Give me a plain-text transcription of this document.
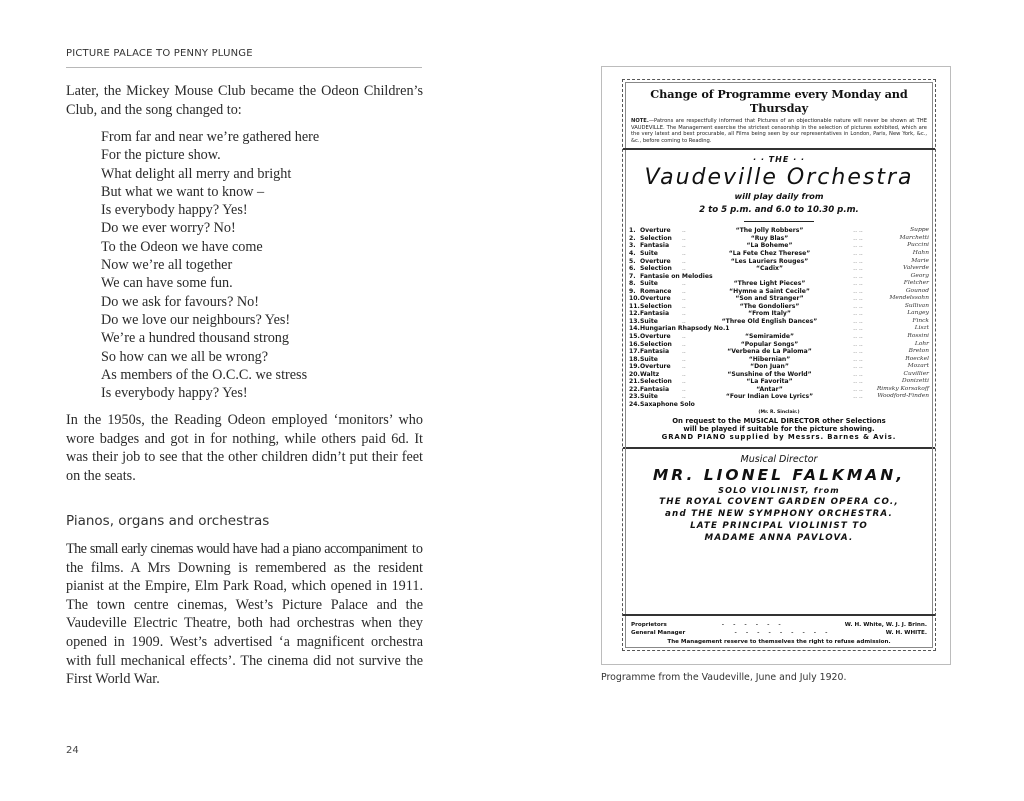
PICTURE PALACE TO PENNY PLUNGE

Later, the Mickey Mouse Club became the Odeon Children’s Club, and the song changed to:

From far and near we’re gathered here
For the picture show.
What delight all merry and bright
But what we want to know –
Is everybody happy? Yes!
Do we ever worry? No!
To the Odeon we have come
Now we’re all together
We can have some fun.
Do we ask for favours? No!
Do we love our neighbours? Yes!
We’re a hundred thousand strong
So how can we all be wrong?
As members of the O.C.C. we stress
Is everybody happy? Yes!

In the 1950s, the Reading Odeon employed ‘monitors’ who wore badges and got in for nothing, while others paid 6d. It was their job to see that the other children didn’t put their feet on the seats.

Pianos, organs and orchestras

The small early cinemas would have had a piano accompaniment to the films. A Mrs Downing is remembered as the resident pianist at the Empire, Elm Park Road, which opened in 1911. The town centre cinemas, West’s Picture Palace and the Vaudeville Electric Theatre, both had orchestras when they opened in 1909. West’s advertised ‘a magnificent orchestra with full mechanical effects’. The cinema did not survive the First World War.

24
Change of Programme every Monday and Thursday
NOTE.—Patrons are respectfully informed that Pictures of an objectionable nature will never be shown at THE VAUDEVILLE. The Management exercise the strictest censorship in the selection of pictures exhibited, which are the very latest and best procurable, all Films being seen by our representatives in London, Paris, New York, &c., &c., before coming to Reading.
· · THE · ·
Vaudeville Orchestra
will play daily from
2 to 5 p.m. and 6.0 to 10.30 p.m.
1. Overture	..	“The Jolly Robbers”	.. ..	Suppe
2. Selection	..	“Ruy Blas”	.. ..	Marchetti
3. Fantasia	..	“La Boheme”	.. ..	Puccini
4. Suite	..	“La Fete Chez Therese”	.. ..	Hahn
5. Overture	..	“Les Lauriers Rouges”	.. ..	Marie
6. Selection	..	“Cadix”	.. ..	Valverde
7. Fantasie on Melodies	.. ..	Georg
8. Suite	..	“Three Light Pieces”	.. ..	Fletcher
9. Romance	..	“Hymne a Saint Cecile”	.. ..	Gounod
10. Overture	..	“Son and Stranger”	.. ..	Mendelssohn
11. Selection	..	“The Gondoliers”	.. ..	Sullivan
12. Fantasia	..	“From Italy”	.. ..	Langey
13. Suite	..	“Three Old English Dances”	.. ..	Finck
14. Hungarian Rhapsody No.1	.. ..	Liszt
15. Overture	..	“Semiramide”	.. ..	Rossini
16. Selection	..	“Popular Songs”	.. ..	Lohr
17. Fantasia	..	“Verbena de La Paloma”	.. ..	Breton
18. Suite	..	“Hibernian”	.. ..	Roeckel
19. Overture	..	“Don Juan”	.. ..	Mozart
20. Waltz	..	“Sunshine of the World”	.. ..	Cuvillier
21. Selection	..	“La Favorita”	.. ..	Donizetti
22. Fantasia	..	“Antar”	.. ..	Rimsky Korsakoff
23. Suite	..	“Four Indian Love Lyrics”	.. ..	Woodford-Finden
24. Saxaphone Solo
(Mr. R. Sinclair.)
On request to the MUSICAL DIRECTOR other Selections
will be played if suitable for the picture showing.
GRAND PIANO supplied by Messrs. Barnes & Avis.
Musical Director
MR. LIONEL FALKMAN,
SOLO VIOLINIST, from
THE ROYAL COVENT GARDEN OPERA CO.,
and THE NEW SYMPHONY ORCHESTRA.
LATE PRINCIPAL VIOLINIST TO
MADAME ANNA PAVLOVA.
Proprietors	------	W. H. White, W. J. J. Brinn.
General Manager	---------	W. H. WHITE.
The Management reserve to themselves the right to refuse admission.
Programme from the Vaudeville, June and July 1920.
